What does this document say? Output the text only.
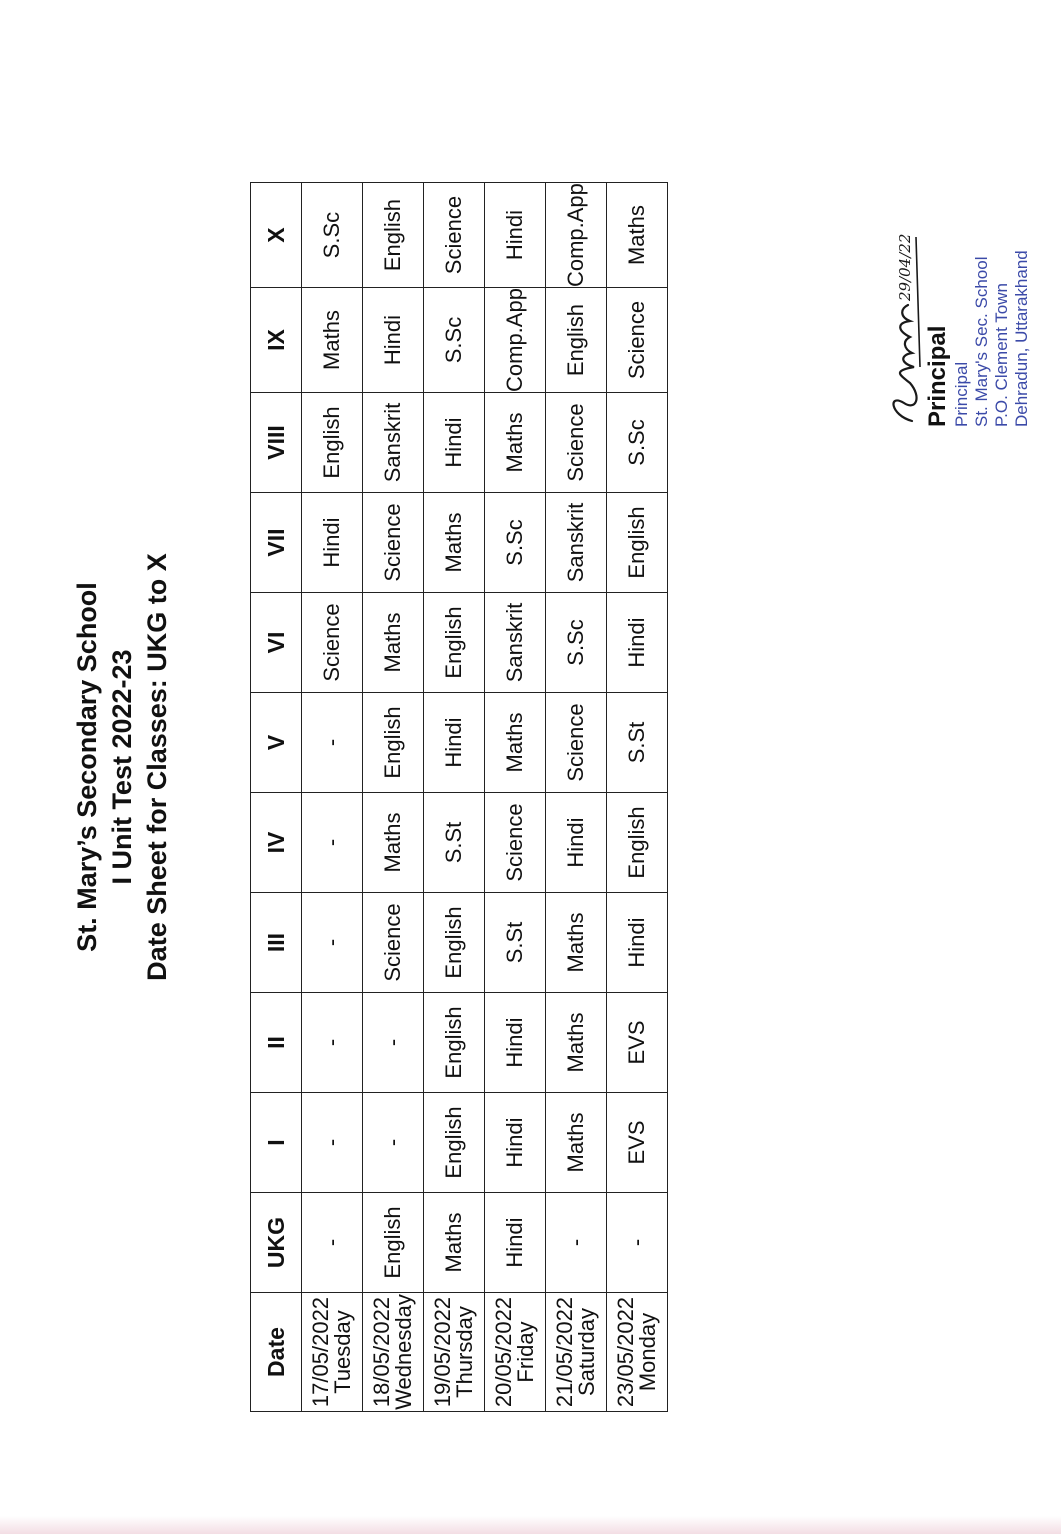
St. Mary’s Secondary School I Unit Test 2022-23 Date Sheet for Classes: UKG to X
Date	UKG	I	II	III	IV	V	VI	VII	VIII	IX	X

17/05/2022
Tuesday	-	-	-	-	-	-	Science	Hindi	English	Maths	S.Sc

18/05/2022
Wednesday	English	-	-	Science	Maths	English	Maths	Science	Sanskrit	Hindi	English

19/05/2022
Thursday	Maths	English	English	English	S.St	Hindi	English	Maths	Hindi	S.Sc	Science

20/05/2022
Friday	Hindi	Hindi	Hindi	S.St	Science	Maths	Sanskrit	S.Sc	Maths	Comp.App	Hindi

21/05/2022
Saturday	-	Maths	Maths	Maths	Hindi	Science	S.Sc	Sanskrit	Science	English	Comp.App

23/05/2022
Monday	-	EVS	EVS	Hindi	English	S.St	Hindi	English	S.Sc	Science	Maths	29/04/22
Principal Principal St. Mary's Sec. School P.O. Clement Town Dehradun, Uttarakhand
